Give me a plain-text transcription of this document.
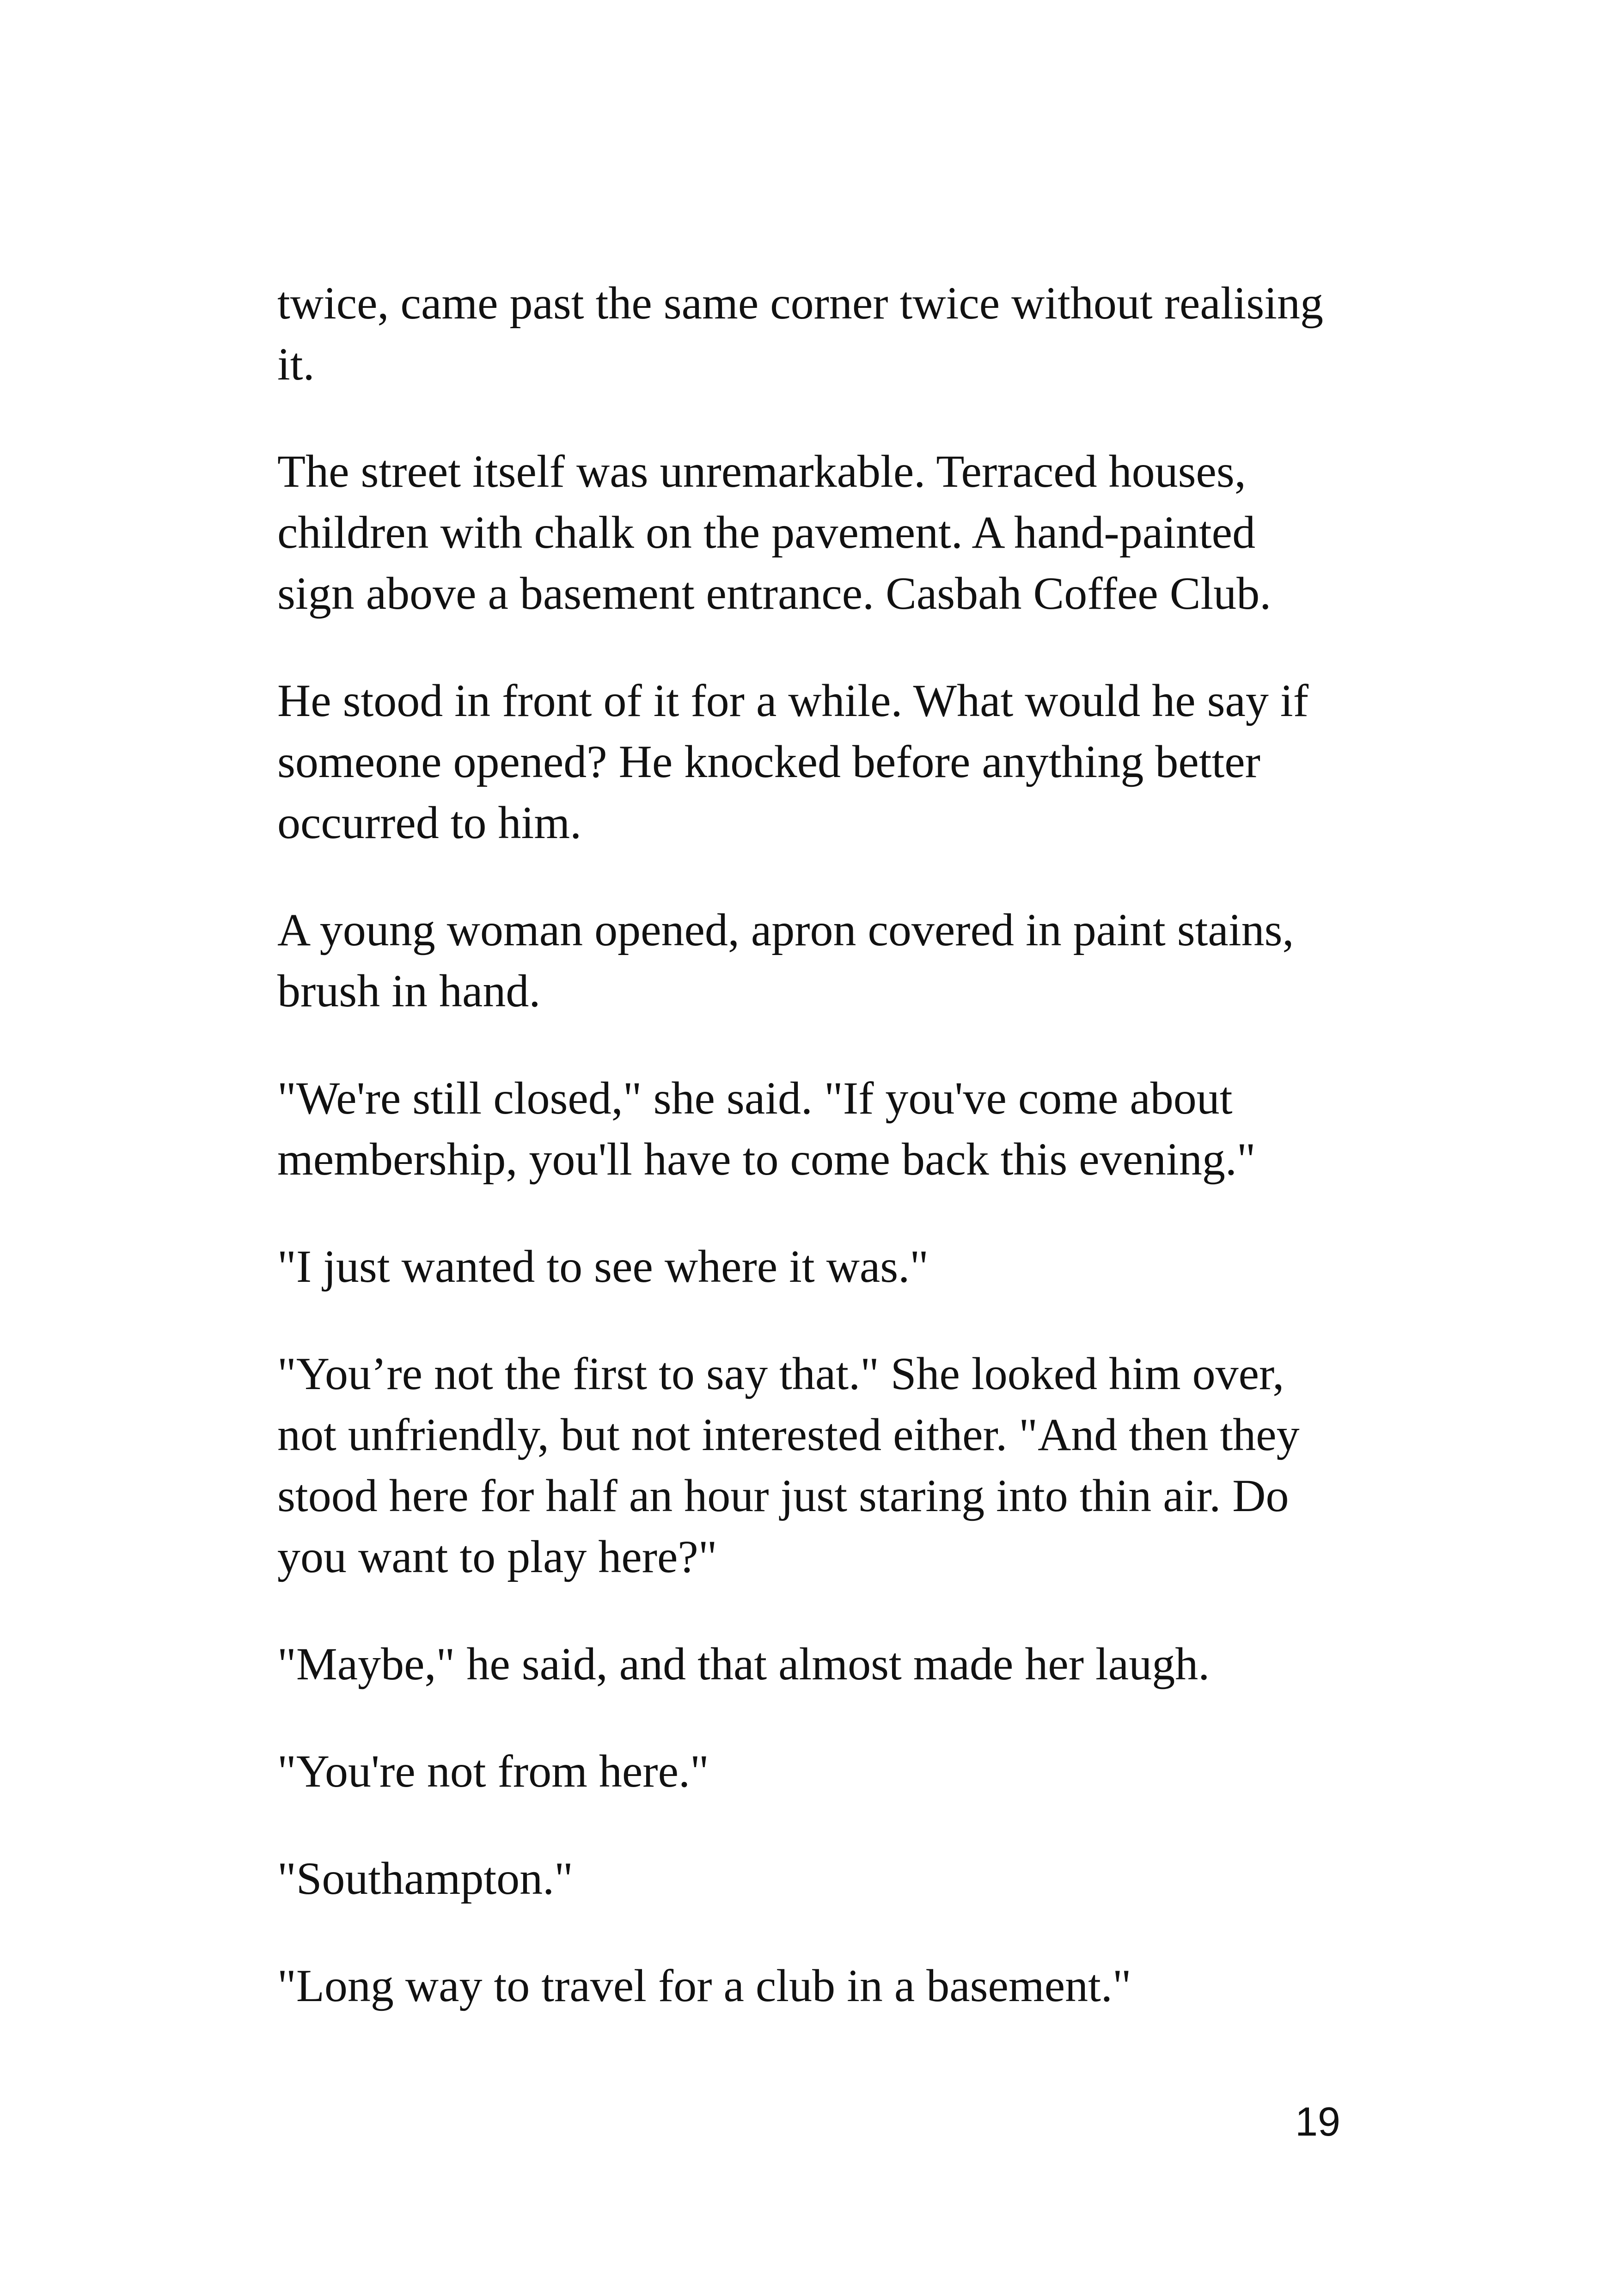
twice, came past the same corner twice without realising it.

The street itself was unremarkable. Terraced houses, children with chalk on the pavement. A hand-painted sign above a basement entrance. Casbah Coffee Club.

He stood in front of it for a while. What would he say if someone opened? He knocked before anything better occurred to him.

A young woman opened, apron covered in paint stains, brush in hand.

"We're still closed," she said. "If you've come about membership, you'll have to come back this evening."

"I just wanted to see where it was."

"You’re not the first to say that." She looked him over, not unfriendly, but not interested either. "And then they stood here for half an hour just staring into thin air. Do you want to play here?"

"Maybe," he said, and that almost made her laugh.

"You're not from here."

"Southampton."

"Long way to travel for a club in a basement."

19
